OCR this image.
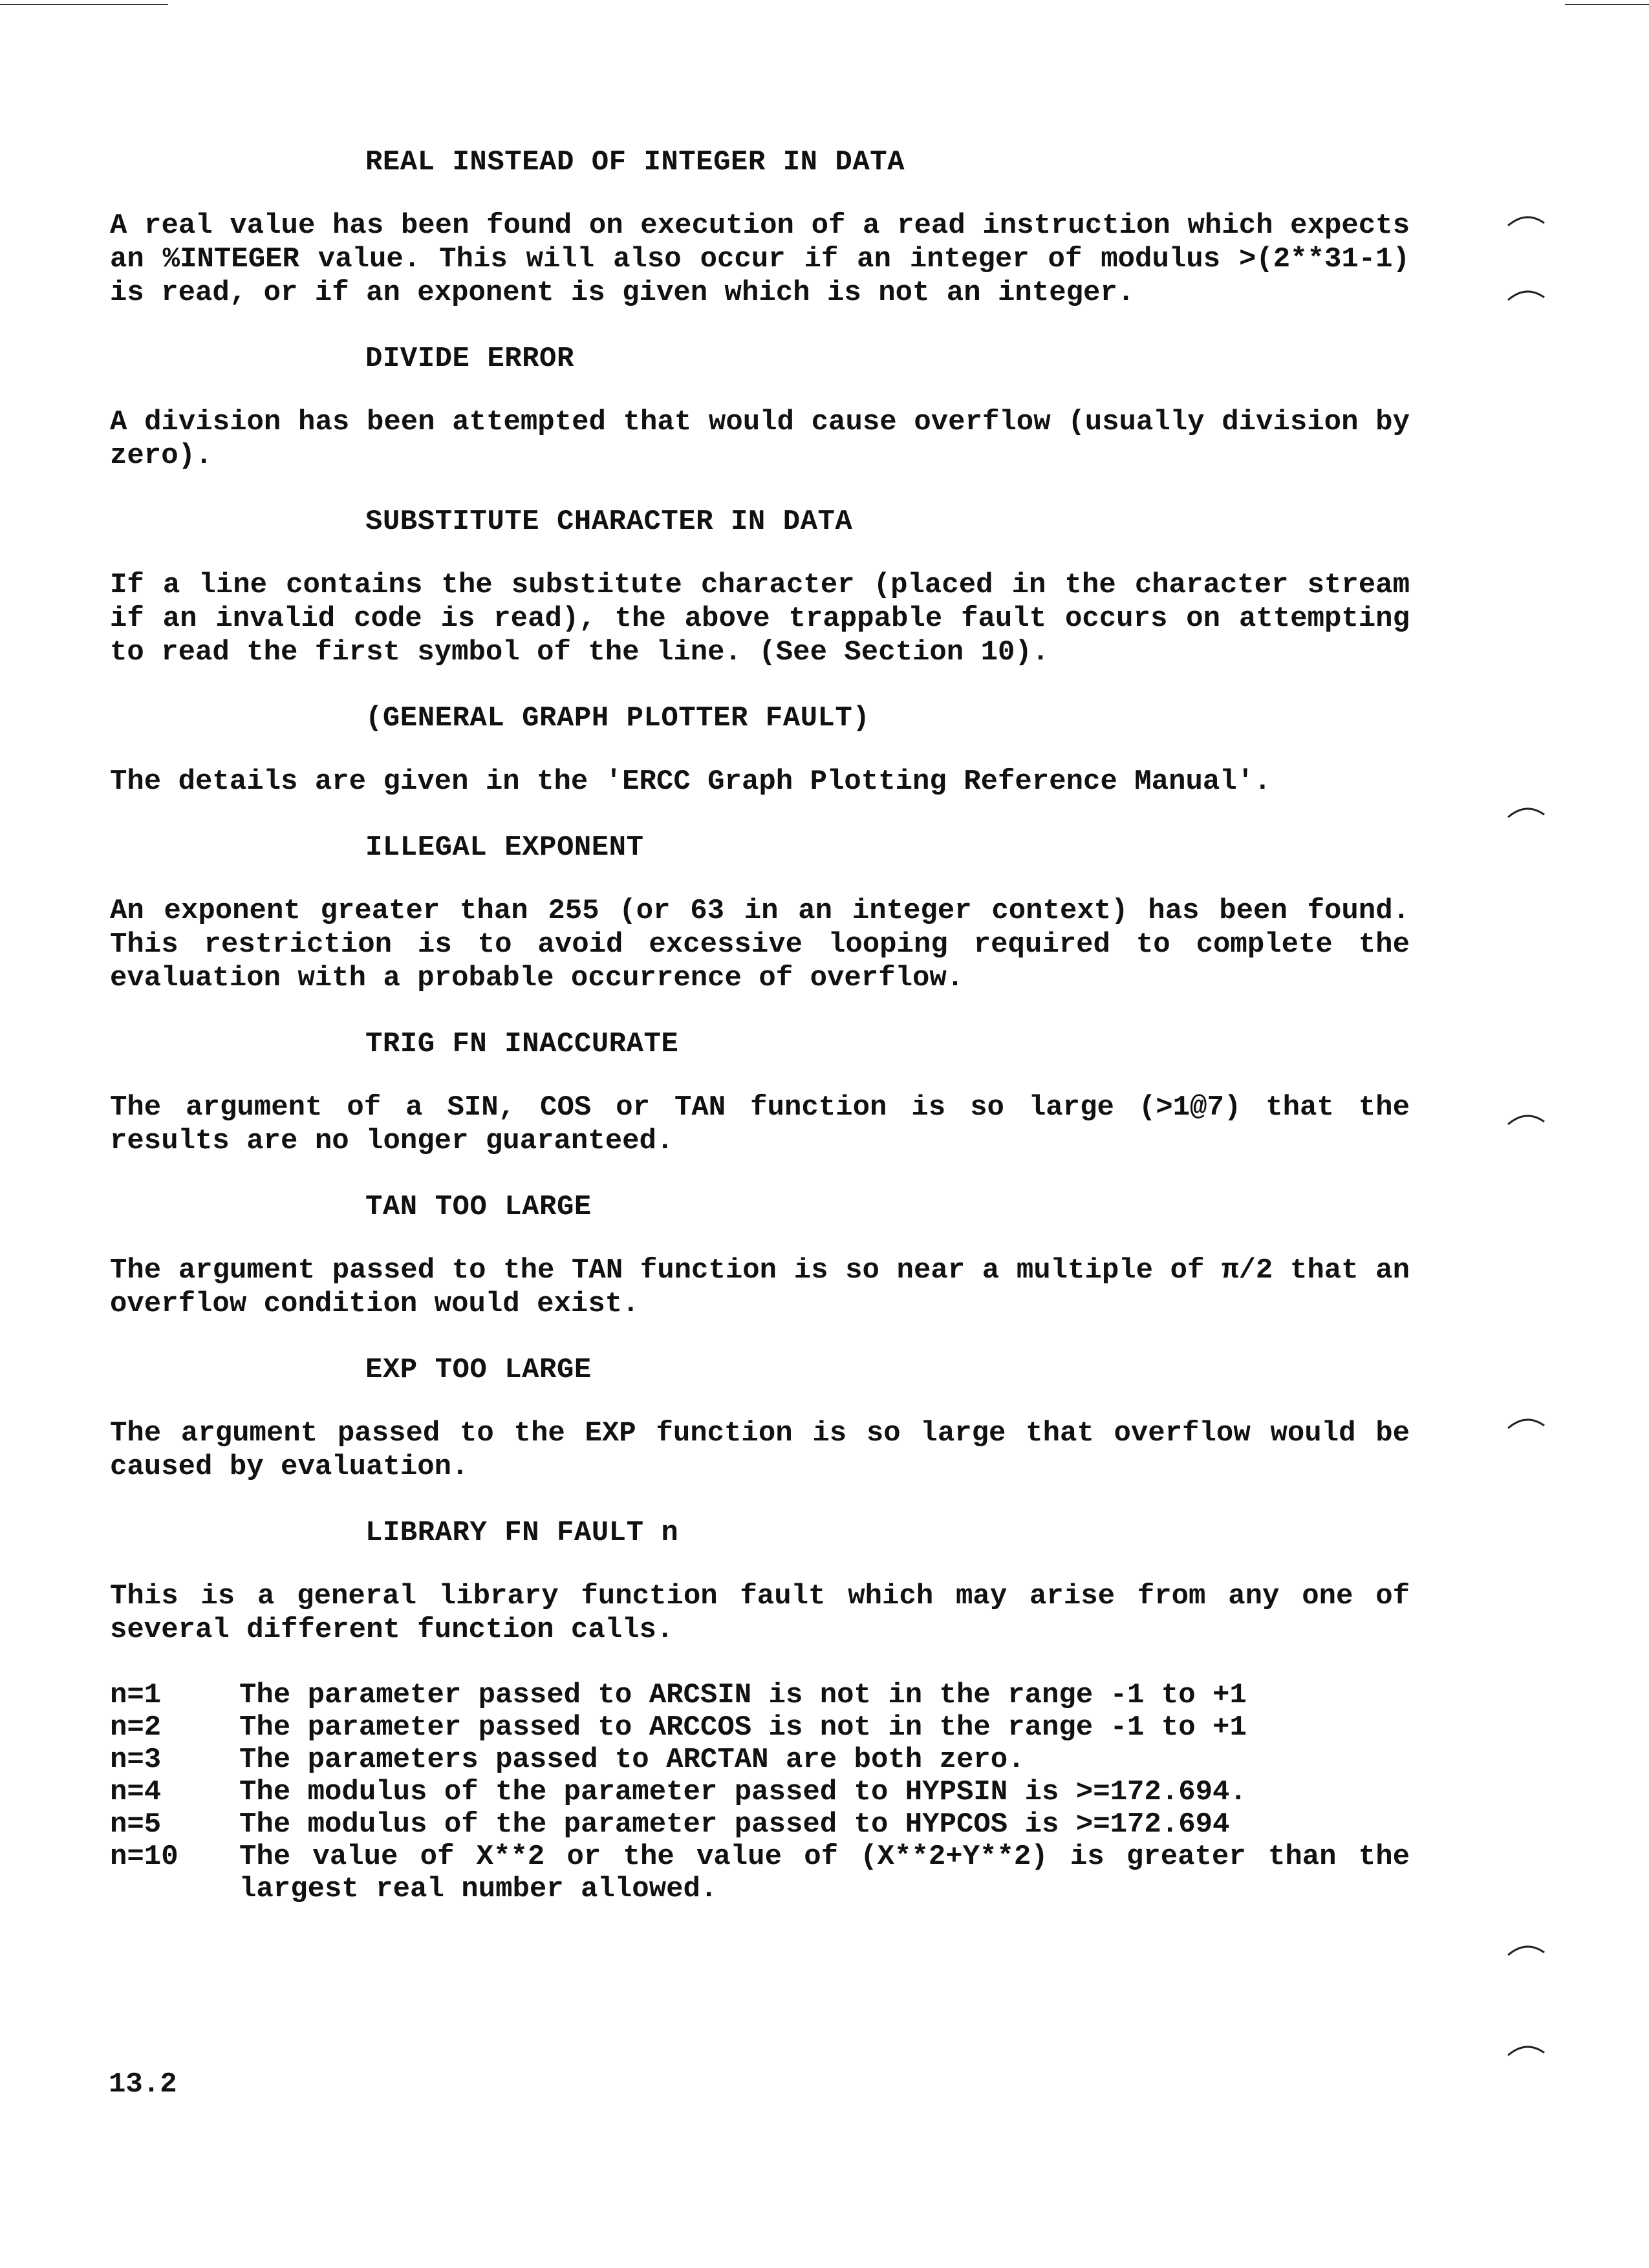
REAL INSTEAD OF INTEGER IN DATA

A real value has been found on execution of a read instruction which expects an %INTEGER value. This will also occur if an integer of modulus >(2**31-1) is read, or if an exponent is given which is not an integer.

DIVIDE ERROR

A division has been attempted that would cause overflow (usually division by zero).

SUBSTITUTE CHARACTER IN DATA

If a line contains the substitute character (placed in the character stream if an invalid code is read), the above trappable fault occurs on attempting to read the first symbol of the line. (See Section 10).

(GENERAL GRAPH PLOTTER FAULT)

The details are given in the 'ERCC Graph Plotting Reference Manual'.

ILLEGAL EXPONENT

An exponent greater than 255 (or 63 in an integer context) has been found. This restriction is to avoid excessive looping required to complete the evaluation with a probable occurrence of overflow.

TRIG FN INACCURATE

The argument of a SIN, COS or TAN function is so large (>1@7) that the results are no longer guaranteed.

TAN TOO LARGE

The argument passed to the TAN function is so near a multiple of π/2 that an overflow condition would exist.

EXP TOO LARGE

The argument passed to the EXP function is so large that overflow would be caused by evaluation.

LIBRARY FN FAULT n

This is a general library function fault which may arise from any one of several different function calls.

n=1	The parameter passed to ARCSIN is not in the range -1 to +1
n=2	The parameter passed to ARCCOS is not in the range -1 to +1
n=3	The parameters passed to ARCTAN are both zero.
n=4	The modulus of the parameter passed to HYPSIN is >=172.694.
n=5	The modulus of the parameter passed to HYPCOS is >=172.694
n=10	The value of X**2 or the value of (X**2+Y**2) is greater than the largest real number allowed.
13.2
